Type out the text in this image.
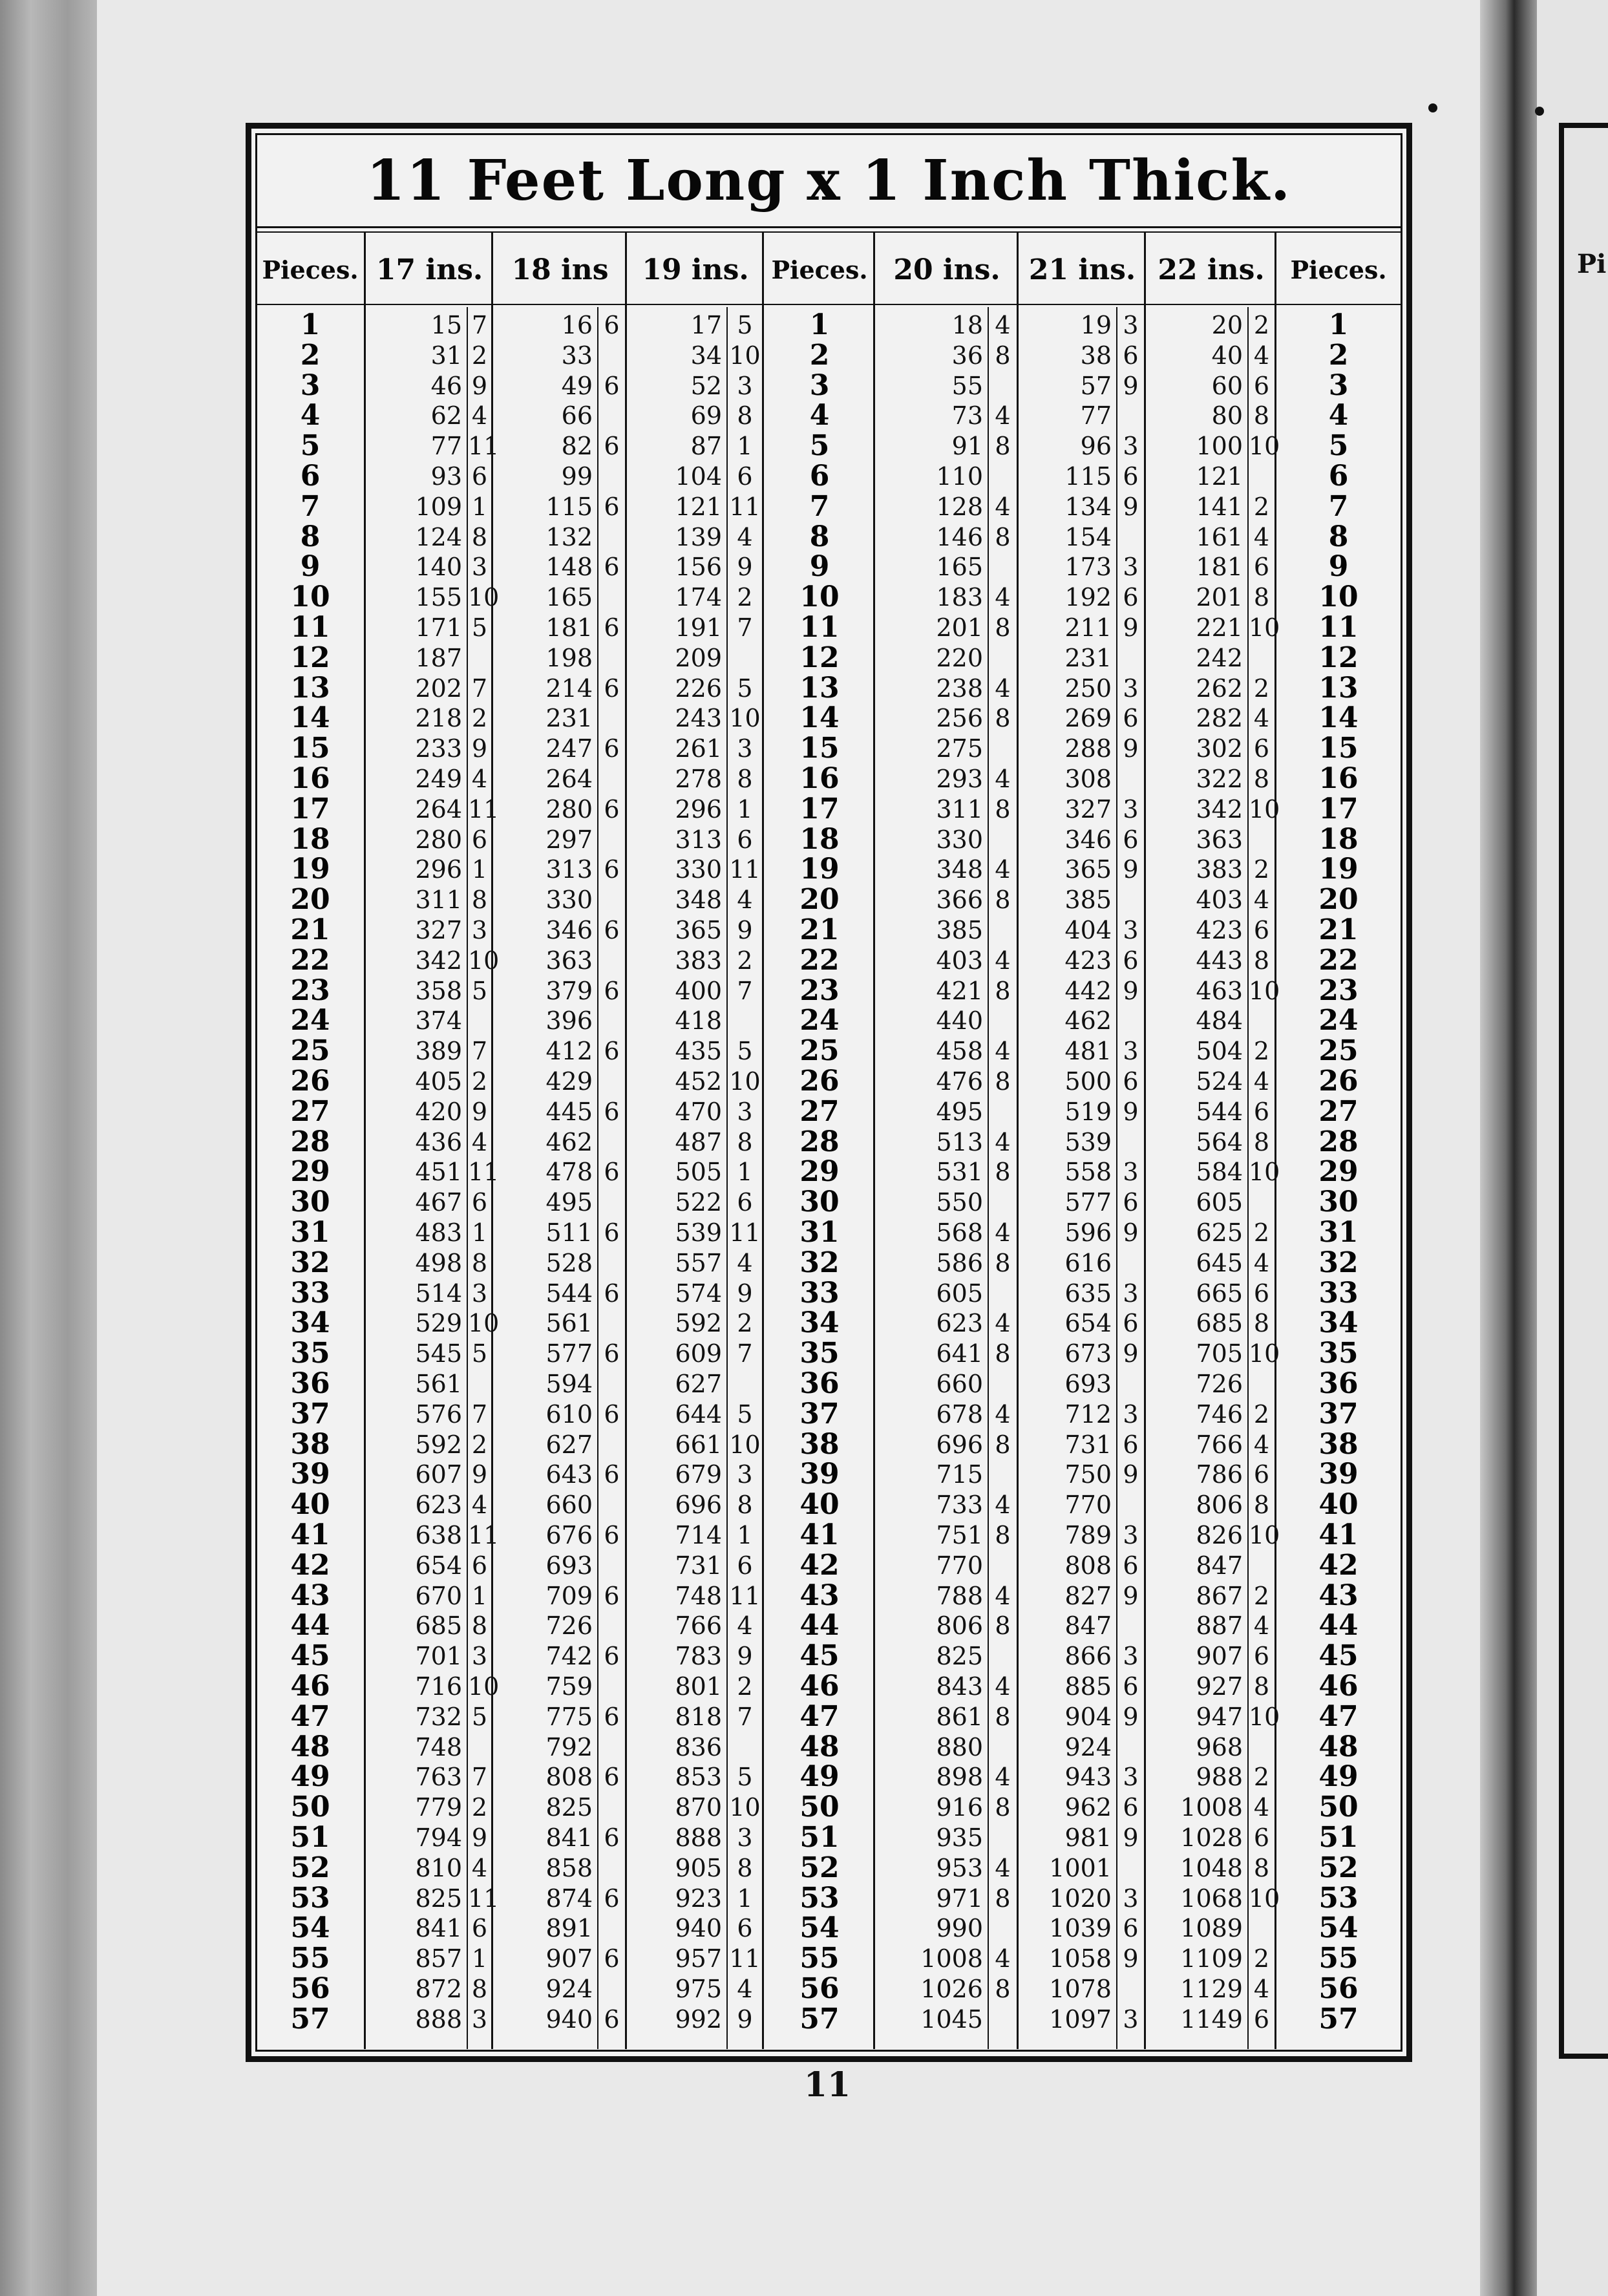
Pi
11 Feet Long x 1 Inch Thick.
Pieces. 17 ins.	18 ins	19 ins. Pieces. 20 ins.	21 ins. 22 ins.	Pieces.
1	15 7	16 6	17 5	1	18 4	19 3	20 2	1
2	31 2	33	34 10	2	36 8	38 6	40 4	2
3	46 9	49 6	52 3	3	55	57 9	60 6	3
4	62 4	66	69 8	4	73 4	77	80 8	4
5	77 11	82 6	87 1	5	91 8	96 3	100 10	5
6	93 6	99	104 6	6	110	115 6	121	6
7	109 1	115 6	121 11	7	128 4	134 9	141 2	7
8	124 8	132	139 4	8	146 8	154	161 4	8
9	140 3	148 6	156 9	9	165	173 3	181 6	9
10	155 10	165	174 2	10	183 4	192 6	201 8	10
11	171 5	181 6	191 7	11	201 8	211 9	221 10	11
12	187	198	209	12	220	231	242	12
13	202 7	214 6	226 5	13	238 4	250 3	262 2	13
14	218 2	231	243 10	14	256 8	269 6	282 4	14
15	233 9	247 6	261 3	15	275	288 9	302 6	15
16	249 4	264	278 8	16	293 4	308	322 8	16
17	264 11	280 6	296 1	17	311 8	327 3	342 10	17
18	280 6	297	313 6	18	330	346 6	363	18
19	296 1	313 6	330 11	19	348 4	365 9	383 2	19
20	311 8	330	348 4	20	366 8	385	403 4	20
21	327 3	346 6	365 9	21	385	404 3	423 6	21
22	342 10	363	383 2	22	403 4	423 6	443 8	22
23	358 5	379 6	400 7	23	421 8	442 9	463 10	23
24	374	396	418	24	440	462	484	24
25	389 7	412 6	435 5	25	458 4	481 3	504 2	25
26	405 2	429	452 10	26	476 8	500 6	524 4	26
27	420 9	445 6	470 3	27	495	519 9	544 6	27
28	436 4	462	487 8	28	513 4	539	564 8	28
29	451 11	478 6	505 1	29	531 8	558 3	584 10	29
30	467 6	495	522 6	30	550	577 6	605	30
31	483 1	511 6	539 11	31	568 4	596 9	625 2	31
32	498 8	528	557 4	32	586 8	616	645 4	32
33	514 3	544 6	574 9	33	605	635 3	665 6	33
34	529 10	561	592 2	34	623 4	654 6	685 8	34
35	545 5	577 6	609 7	35	641 8	673 9	705 10	35
36	561	594	627	36	660	693	726	36
37	576 7	610 6	644 5	37	678 4	712 3	746 2	37
38	592 2	627	661 10	38	696 8	731 6	766 4	38
39	607 9	643 6	679 3	39	715	750 9	786 6	39
40	623 4	660	696 8	40	733 4	770	806 8	40
41	638 11	676 6	714 1	41	751 8	789 3	826 10	41
42	654 6	693	731 6	42	770	808 6	847	42
43	670 1	709 6	748 11	43	788 4	827 9	867 2	43
44	685 8	726	766 4	44	806 8	847	887 4	44
45	701 3	742 6	783 9	45	825	866 3	907 6	45
46	716 10	759	801 2	46	843 4	885 6	927 8	46
47	732 5	775 6	818 7	47	861 8	904 9	947 10	47
48	748	792	836	48	880	924	968	48
49	763 7	808 6	853 5	49	898 4	943 3	988 2	49
50	779 2	825	870 10	50	916 8	962 6	1008 4	50
51	794 9	841 6	888 3	51	935	981 9	1028 6	51
52	810 4	858	905 8	52	953 4	1001	1048 8	52
53	825 11	874 6	923 1	53	971 8	1020 3	1068 10	53
54	841 6	891	940 6	54	990	1039 6	1089	54
55	857 1	907 6	957 11	55	1008 4	1058 9	1109 2	55
56	872 8	924	975 4	56	1026 8	1078	1129 4	56
57	888 3	940 6	992 9	57	1045	1097 3	1149 6	57
11
